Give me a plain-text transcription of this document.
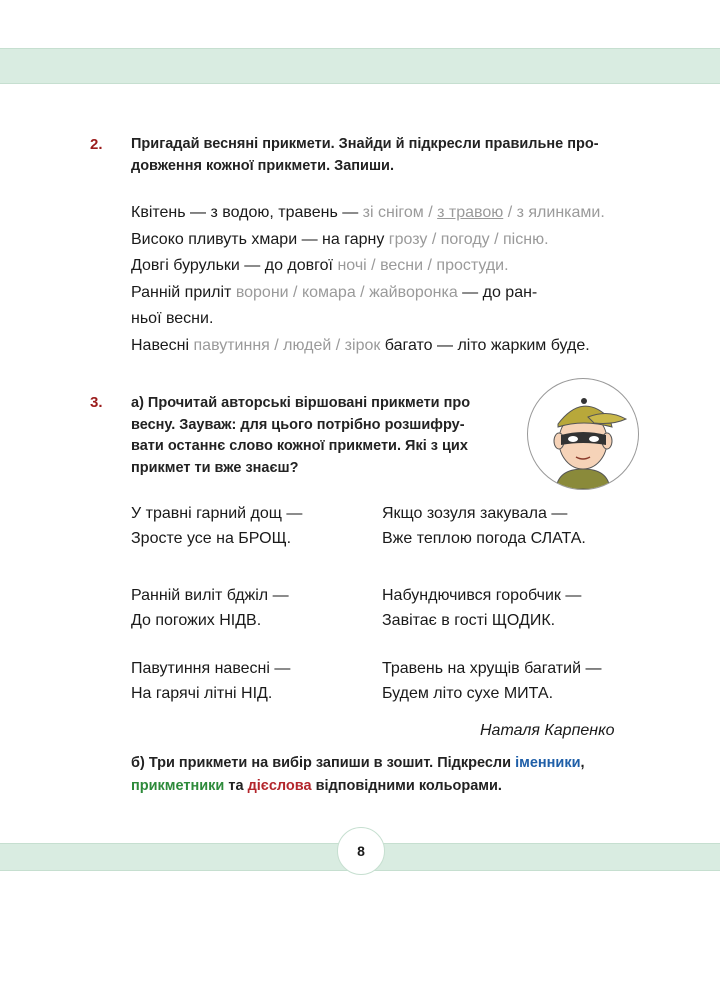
2. Пригадай весняні прикмети. Знайди й підкресли правильне про-
довження кожної прикмети. Запиши.
Квітень — з водою, травень — зі снігом / з травою / з ялинками.
Високо пливуть хмари — на гарну грозу / погоду / пісню.
Довгі бурульки — до довгої ночі / весни / простуди.
Ранній приліт ворони / комара / жайворонка — до ран-
ньої весни.
Навесні павутиння / людей / зірок багато — літо жарким буде.
3. а) Прочитай авторські віршовані прикмети про
весну. Зауваж: для цього потрібно розшифру-
вати останнє слово кожної прикмети. Які з цих
прикмет ти вже знаєш?
У травні гарний дощ —
Зросте усе на БРОЩ.
Якщо зозуля закувала —
Вже теплою погода СЛАТА.
Ранній виліт бджіл —
До погожих НІДВ.
Набундючився горобчик —
Завітає в гості ЩОДИК.
Павутиння навесні —
На гарячі літні НІД.
Травень на хрущів багатий —
Будем літо сухе МИТА.
Наталя Карпенко
б) Три прикмети на вибір запиши в зошит. Підкресли іменники,
прикметники та дієслова відповідними кольорами.
8
